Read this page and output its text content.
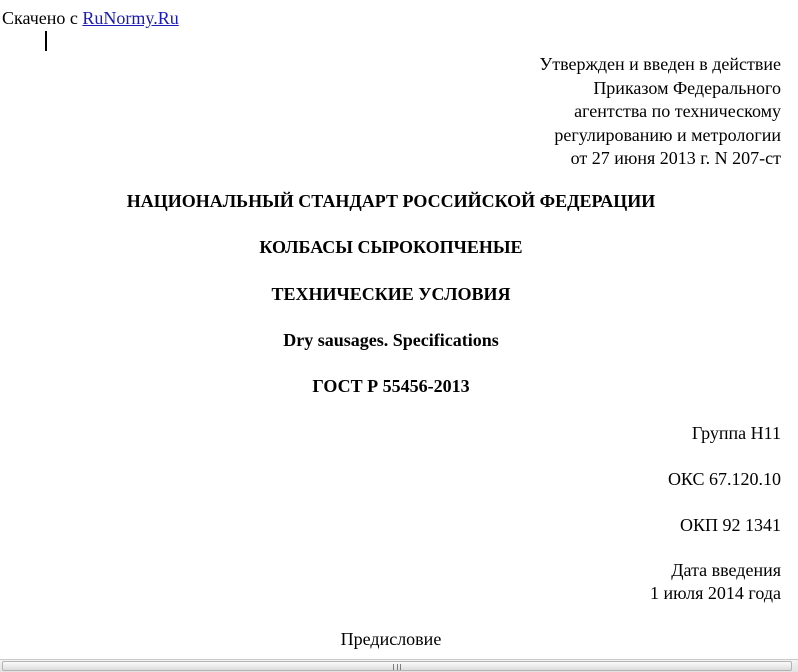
Скачено с RuNormy.Ru
Утвержден и введен в действие
Приказом Федерального
агентства по техническому
регулированию и метрологии
от 27 июня 2013 г. N 207-ст
НАЦИОНАЛЬНЫЙ СТАНДАРТ РОССИЙСКОЙ ФЕДЕРАЦИИ
КОЛБАСЫ СЫРОКОПЧЕНЫЕ
ТЕХНИЧЕСКИЕ УСЛОВИЯ
Dry sausages. Specifications
ГОСТ Р 55456-2013
Группа Н11
ОКС 67.120.10
ОКП 92 1341
Дата введения
1 июля 2014 года
Предисловие
